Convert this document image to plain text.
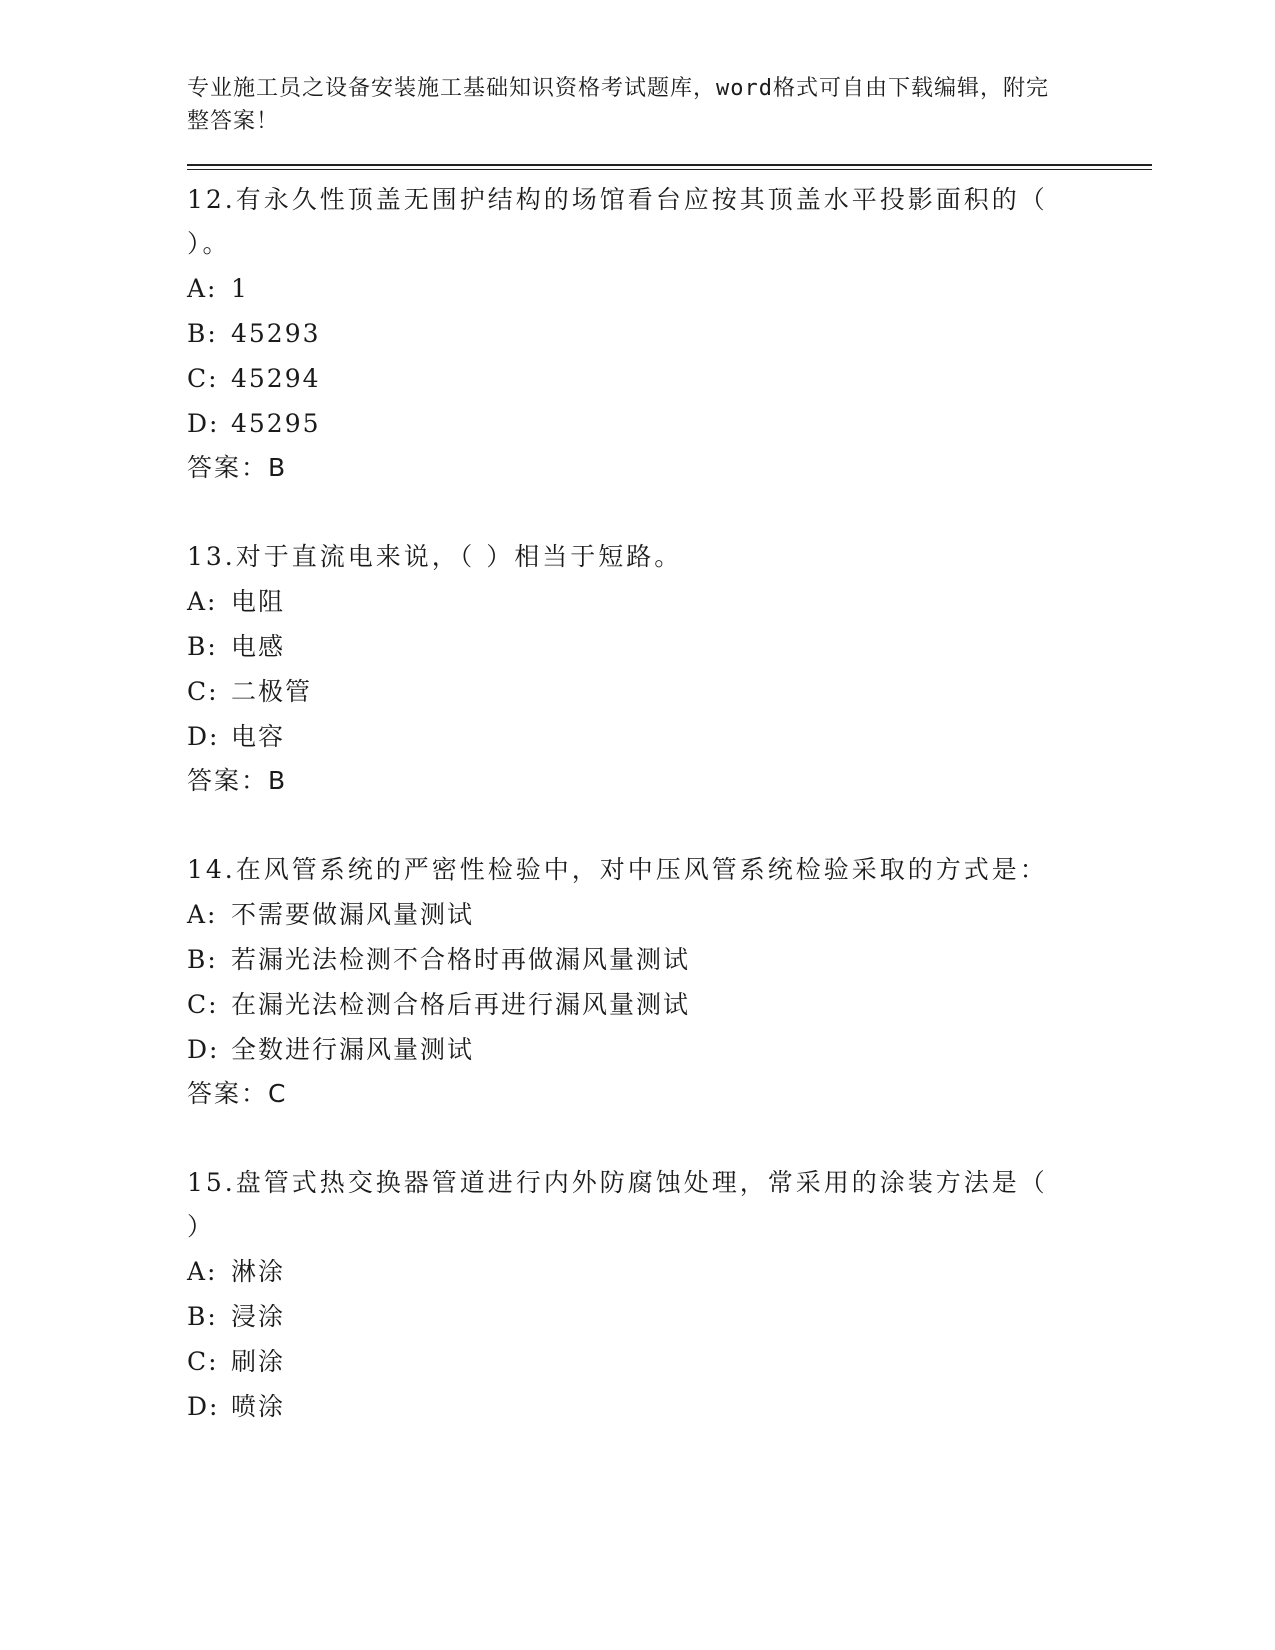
专业施工员之设备安装施工基础知识资格考试题库，word格式可自由下载编辑，附完整答案！

12.有永久性顶盖无围护结构的场馆看台应按其顶盖水平投影面积的（ ）。

A: 1

B: 45293

C: 45294

D: 45295

答案：B

13.对于直流电来说，（ ）相当于短路。

A: 电阻

B: 电感

C: 二极管

D: 电容

答案：B

14.在风管系统的严密性检验中，对中压风管系统检验采取的方式是：

A: 不需要做漏风量测试

B: 若漏光法检测不合格时再做漏风量测试

C: 在漏光法检测合格后再进行漏风量测试

D: 全数进行漏风量测试

答案：C

15.盘管式热交换器管道进行内外防腐蚀处理，常采用的涂装方法是（ ）

A: 淋涂

B: 浸涂

C: 刷涂

D: 喷涂
